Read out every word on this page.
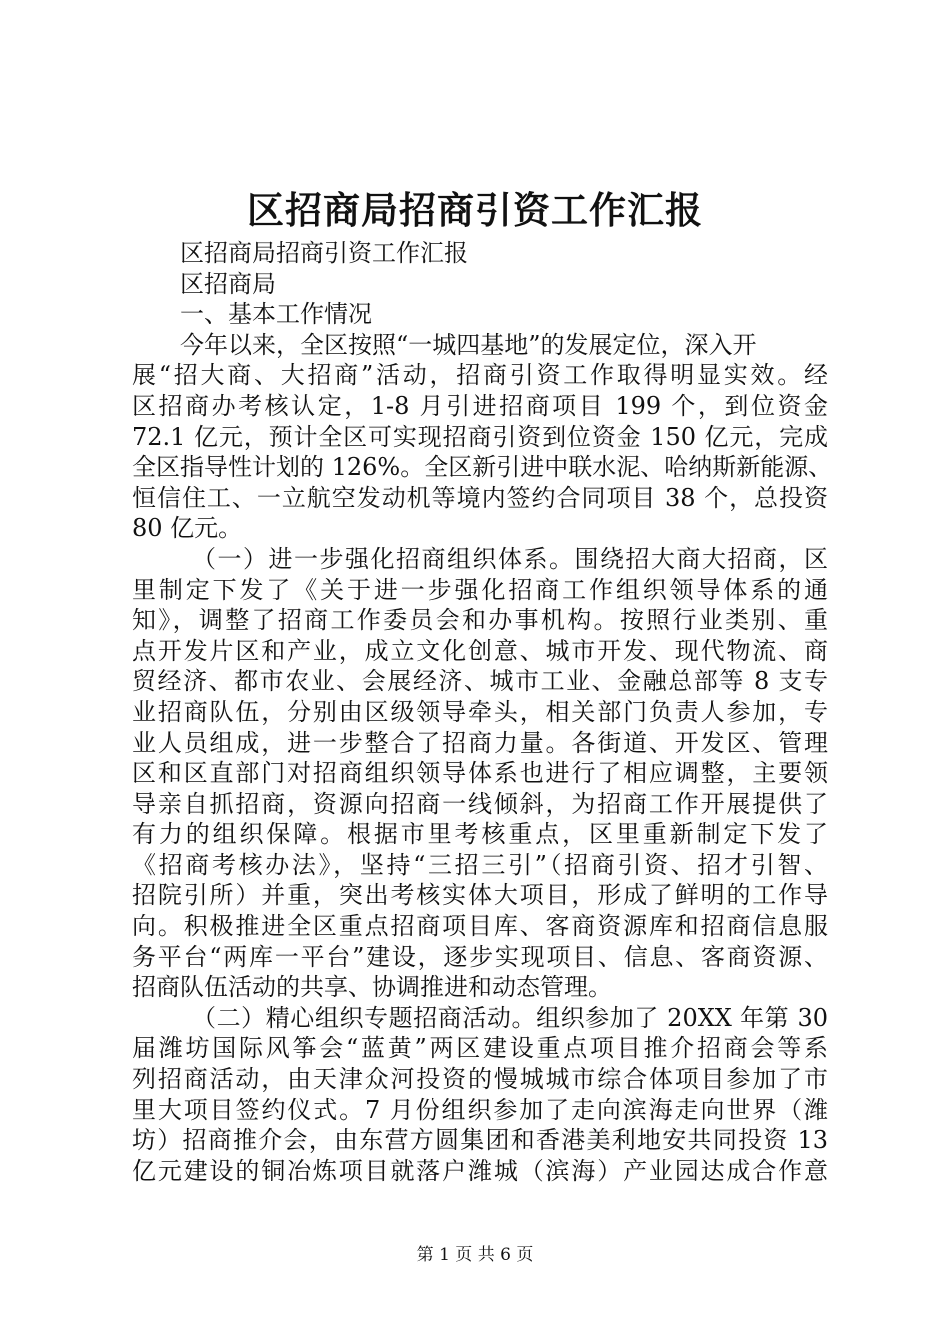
区招商局招商引资工作汇报
区招商局招商引资工作汇报
区招商局
一、基本工作情况
今年以来，全区按照“一城四基地”的发展定位，深入开
展“招大商、大招商”活动，招商引资工作取得明显实效。经
区招商办考核认定，1-8 月引进招商项目 199 个，到位资金
72.1 亿元，预计全区可实现招商引资到位资金 150 亿元，完成
全区指导性计划的 126%。全区新引进中联水泥、哈纳斯新能源、
恒信住工、一立航空发动机等境内签约合同项目 38 个，总投资
80 亿元。
（一）进一步强化招商组织体系。围绕招大商大招商，区
里制定下发了《关于进一步强化招商工作组织领导体系的通
知》，调整了招商工作委员会和办事机构。按照行业类别、重
点开发片区和产业，成立文化创意、城市开发、现代物流、商
贸经济、都市农业、会展经济、城市工业、金融总部等 8 支专
业招商队伍，分别由区级领导牵头，相关部门负责人参加，专
业人员组成，进一步整合了招商力量。各街道、开发区、管理
区和区直部门对招商组织领导体系也进行了相应调整，主要领
导亲自抓招商，资源向招商一线倾斜，为招商工作开展提供了
有力的组织保障。根据市里考核重点，区里重新制定下发了
《招商考核办法》，坚持“三招三引”（招商引资、招才引智、
招院引所）并重，突出考核实体大项目，形成了鲜明的工作导
向。积极推进全区重点招商项目库、客商资源库和招商信息服
务平台“两库一平台”建设，逐步实现项目、信息、客商资源、
招商队伍活动的共享、协调推进和动态管理。
（二）精心组织专题招商活动。组织参加了 20XX 年第 30
届潍坊国际风筝会“蓝黄”两区建设重点项目推介招商会等系
列招商活动，由天津众河投资的慢城城市综合体项目参加了市
里大项目签约仪式。7 月份组织参加了走向滨海走向世界（潍
坊）招商推介会，由东营方圆集团和香港美利地安共同投资 13
亿元建设的铜冶炼项目就落户潍城（滨海）产业园达成合作意
第 1 页 共 6 页
